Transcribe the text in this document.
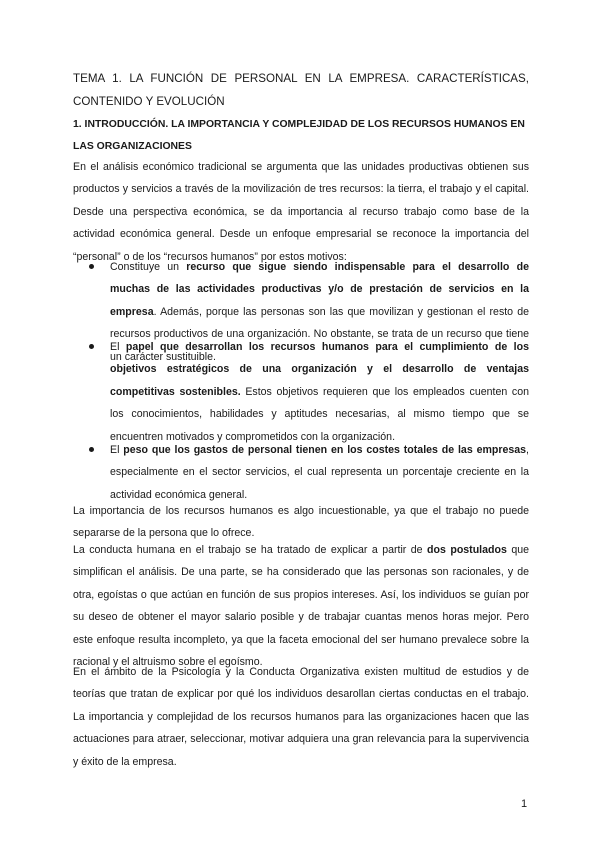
TEMA 1. LA FUNCIÓN DE PERSONAL EN LA EMPRESA. CARACTERÍSTICAS, CONTENIDO Y EVOLUCIÓN
1. INTRODUCCIÓN. LA IMPORTANCIA Y COMPLEJIDAD DE LOS RECURSOS HUMANOS EN LAS ORGANIZACIONES
En el análisis económico tradicional se argumenta que las unidades productivas obtienen sus productos y servicios a través de la movilización de tres recursos: la tierra, el trabajo y el capital. Desde una perspectiva económica, se da importancia al recurso trabajo como base de la actividad económica general. Desde un enfoque empresarial se reconoce la importancia del “personal” o de los “recursos humanos” por estos motivos:
Constituye un recurso que sigue siendo indispensable para el desarrollo de muchas de las actividades productivas y/o de prestación de servicios en la empresa. Además, porque las personas son las que movilizan y gestionan el resto de recursos productivos de una organización. No obstante, se trata de un recurso que tiene un carácter sustituible.
El papel que desarrollan los recursos humanos para el cumplimiento de los objetivos estratégicos de una organización y el desarrollo de ventajas competitivas sostenibles. Estos objetivos requieren que los empleados cuenten con los conocimientos, habilidades y aptitudes necesarias, al mismo tiempo que se encuentren motivados y comprometidos con la organización.
El peso que los gastos de personal tienen en los costes totales de las empresas, especialmente en el sector servicios, el cual representa un porcentaje creciente en la actividad económica general.
La importancia de los recursos humanos es algo incuestionable, ya que el trabajo no puede separarse de la persona que lo ofrece.
La conducta humana en el trabajo se ha tratado de explicar a partir de dos postulados que simplifican el análisis. De una parte, se ha considerado que las personas son racionales, y de otra, egoístas o que actúan en función de sus propios intereses. Así, los individuos se guían por su deseo de obtener el mayor salario posible y de trabajar cuantas menos horas mejor. Pero este enfoque resulta incompleto, ya que la faceta emocional del ser humano prevalece sobre la racional y el altruismo sobre el egoísmo.
En el ámbito de la Psicología y la Conducta Organizativa existen multitud de estudios y de teorías que tratan de explicar por qué los individuos desarollan ciertas conductas en el trabajo. La importancia y complejidad de los recursos humanos para las organizaciones hacen que las actuaciones para atraer, seleccionar, motivar adquiera una gran relevancia para la supervivencia y éxito de la empresa.
1
